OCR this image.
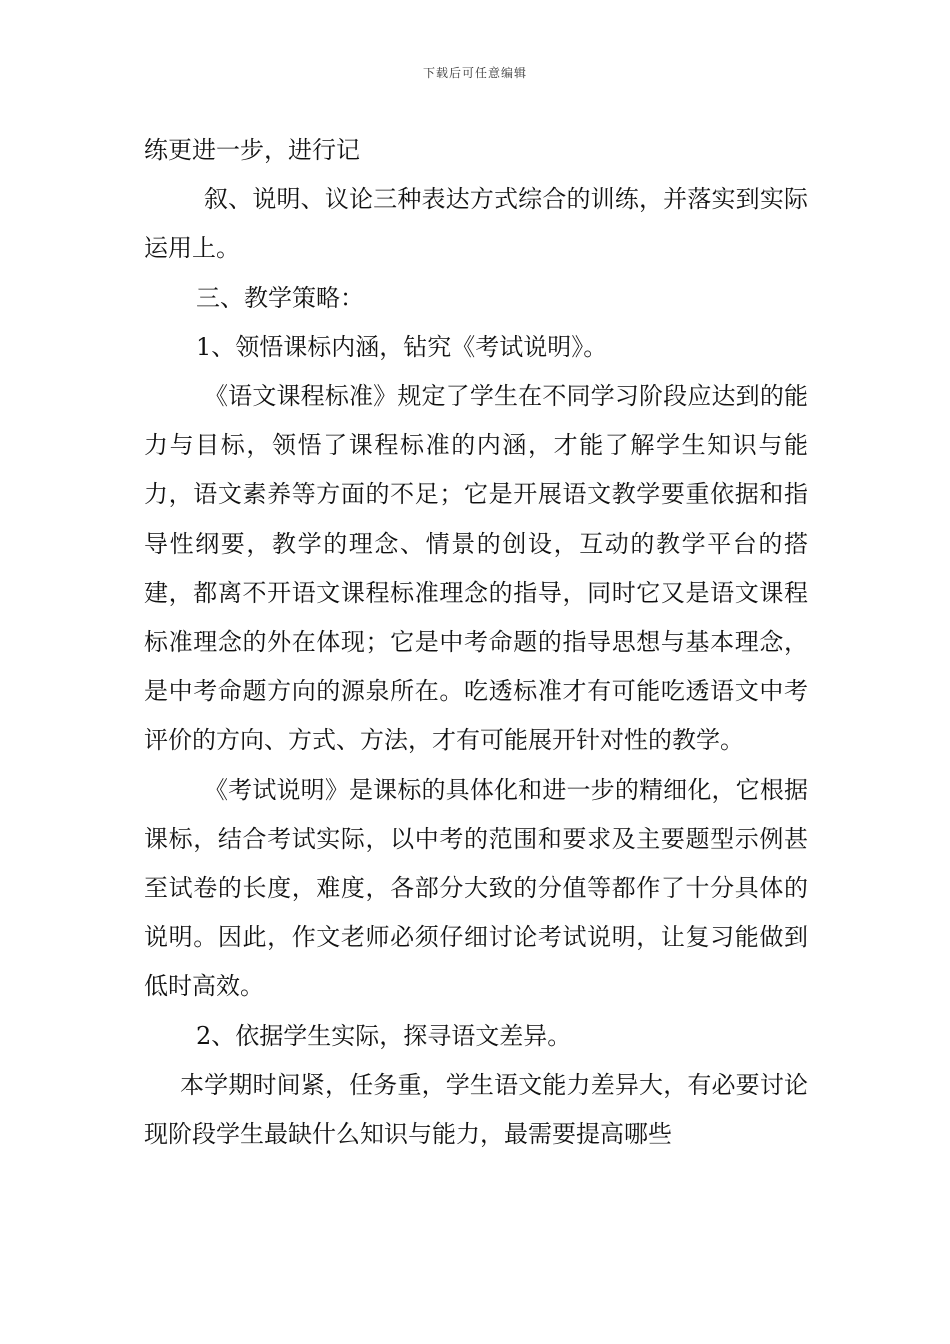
下载后可任意编辑

练更进一步，进行记

叙、说明、议论三种表达方式综合的训练，并落实到实际运用上。

三、教学策略：

1、领悟课标内涵，钻究《考试说明》。

《语文课程标准》规定了学生在不同学习阶段应达到的能力与目标，领悟了课程标准的内涵，才能了解学生知识与能力，语文素养等方面的不足；它是开展语文教学要重依据和指导性纲要，教学的理念、情景的创设，互动的教学平台的搭建，都离不开语文课程标准理念的指导，同时它又是语文课程标准理念的外在体现；它是中考命题的指导思想与基本理念，是中考命题方向的源泉所在。吃透标准才有可能吃透语文中考评价的方向、方式、方法，才有可能展开针对性的教学。

《考试说明》是课标的具体化和进一步的精细化，它根据课标，结合考试实际，以中考的范围和要求及主要题型示例甚至试卷的长度，难度，各部分大致的分值等都作了十分具体的说明。因此，作文老师必须仔细讨论考试说明，让复习能做到低时高效。

2、依据学生实际，探寻语文差异。

本学期时间紧，任务重，学生语文能力差异大，有必要讨论现阶段学生最缺什么知识与能力，最需要提高哪些
